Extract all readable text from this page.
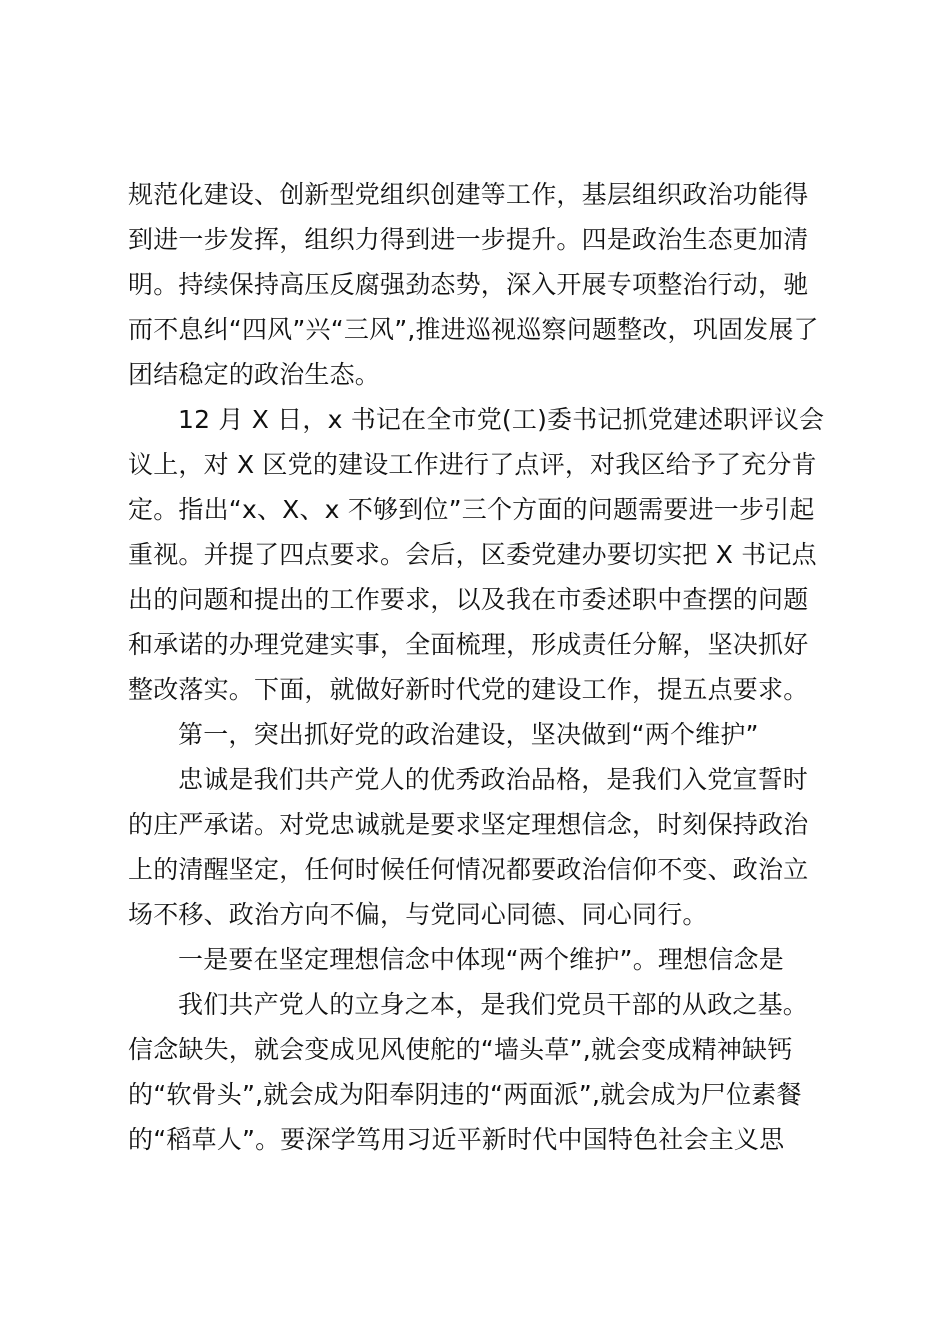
规范化建设、创新型党组织创建等工作，基层组织政治功能得
到进一步发挥，组织力得到进一步提升。四是政治生态更加清
明。持续保持高压反腐强劲态势，深入开展专项整治行动，驰
而不息纠“四风”兴“三风”,推进巡视巡察问题整改，巩固发展了
团结稳定的政治生态。
12 月 X 日，x 书记在全市党(工)委书记抓党建述职评议会
议上，对 X 区党的建设工作进行了点评，对我区给予了充分肯
定。指出“x、X、x 不够到位”三个方面的问题需要进一步引起
重视。并提了四点要求。会后，区委党建办要切实把 X 书记点
出的问题和提出的工作要求，以及我在市委述职中查摆的问题
和承诺的办理党建实事，全面梳理，形成责任分解，坚决抓好
整改落实。下面，就做好新时代党的建设工作，提五点要求。
第一，突出抓好党的政治建设，坚决做到“两个维护”
忠诚是我们共产党人的优秀政治品格，是我们入党宣誓时
的庄严承诺。对党忠诚就是要求坚定理想信念，时刻保持政治
上的清醒坚定，任何时候任何情况都要政治信仰不变、政治立
场不移、政治方向不偏，与党同心同德、同心同行。
一是要在坚定理想信念中体现“两个维护”。理想信念是
我们共产党人的立身之本，是我们党员干部的从政之基。
信念缺失，就会变成见风使舵的“墙头草”,就会变成精神缺钙
的“软骨头”,就会成为阳奉阴违的“两面派”,就会成为尸位素餐
的“稻草人”。要深学笃用习近平新时代中国特色社会主义思
